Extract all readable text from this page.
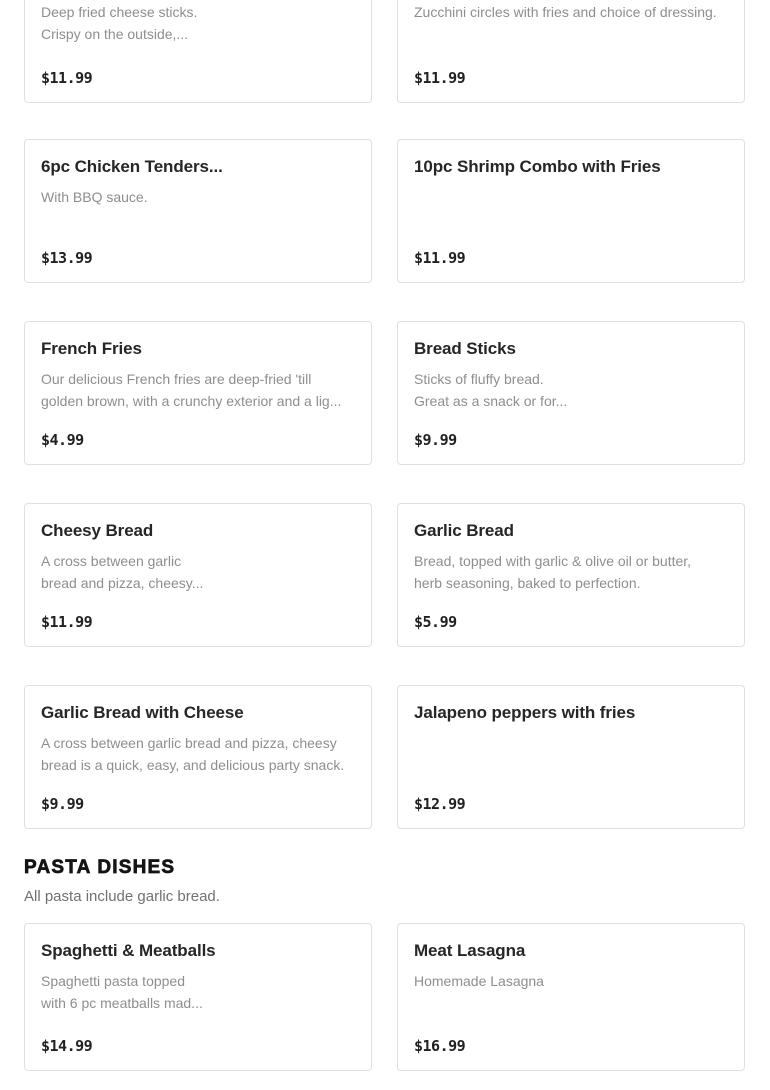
Deep fried cheese sticks.
Crispy on the outside,...
$11.99
Zucchini circles with fries and choice of dressing.
$11.99
6pc Chicken Tenders...
With BBQ sauce.
$13.99
10pc Shrimp Combo with Fries
$11.99
French Fries
Our delicious French fries are deep-fried 'till
golden brown, with a crunchy exterior and a lig...
$4.99
Bread Sticks
Sticks of fluffy bread.
Great as a snack or for...
$9.99
Cheesy Bread
A cross between garlic
bread and pizza, cheesy...
$11.99
Garlic Bread
Bread, topped with garlic & olive oil or butter,
herb seasoning, baked to perfection.
$5.99
Garlic Bread with Cheese
A cross between garlic bread and pizza, cheesy
bread is a quick, easy, and delicious party snack.
$9.99
Jalapeno peppers with fries
$12.99
PASTA DISHES
All pasta include garlic bread.
Spaghetti & Meatballs
Spaghetti pasta topped
with 6 pc meatballs mad...
$14.99
Meat Lasagna
Homemade Lasagna
$16.99
